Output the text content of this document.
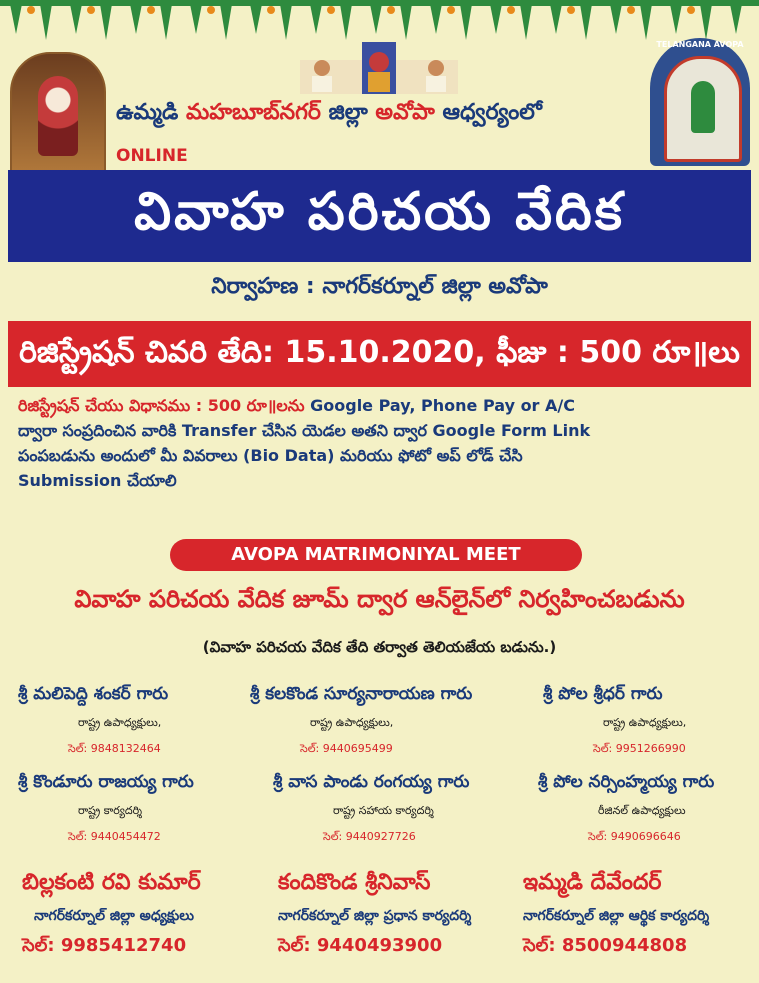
TELANGANA AVOPA
ఉమ్మడి మహబూబ్‌నగర్ జిల్లా అవోపా ఆధ్వర్యంలో
ONLINE
వివాహ పరిచయ వేదిక
నిర్వాహణ : నాగర్‌కర్నూల్ జిల్లా అవోపా
రిజిస్ట్రేషన్ చివరి తేది: 15.10.2020, ఫీజు : 500 రూ॥లు
రిజిస్ట్రేషన్ చేయు విధానము : 500 రూ॥లను Google Pay, Phone Pay or A/C
ద్వారా సంప్రదించిన వారికి Transfer చేసిన యెడల అతని ద్వార Google Form Link
పంపబడును అందులో మీ వివరాలు (Bio Data) మరియు ఫోటో అప్ లోడ్ చేసి
Submission చేయాలి
AVOPA MATRIMONIYAL MEET
వివాహ పరిచయ వేదిక జూమ్ ద్వార ఆన్‌లైన్‌లో నిర్వహించబడును
(వివాహ పరిచయ వేదిక తేది తర్వాత తెలియజేయ బడును.)
శ్రీ మలిపెద్ది శంకర్ గారు
రాష్ట్ర ఉపాధ్యక్షులు,
సెల్: 9848132464
శ్రీ కలకొండ సూర్యనారాయణ గారు
రాష్ట్ర ఉపాధ్యక్షులు,
సెల్: 9440695499
శ్రీ పోల శ్రీధర్ గారు
రాష్ట్ర ఉపాధ్యక్షులు,
సెల్: 9951266990
శ్రీ కొండూరు రాజయ్య గారు
రాష్ట్ర కార్యదర్శి
సెల్: 9440454472
శ్రీ వాస పాండు రంగయ్య గారు
రాష్ట్ర సహాయ కార్యదర్శి
సెల్: 9440927726
శ్రీ పోల నర్సింహ్మయ్య గారు
రీజినల్ ఉపాధ్యక్షులు
సెల్: 9490696646
బిల్లకంటి రవి కుమార్
నాగర్‌కర్నూల్ జిల్లా అధ్యక్షులు
సెల్: 9985412740
కందికొండ శ్రీనివాస్
నాగర్‌కర్నూల్ జిల్లా ప్రధాన కార్యదర్శి
సెల్: 9440493900
ఇమ్మడి దేవేందర్
నాగర్‌కర్నూల్ జిల్లా ఆర్థిక కార్యదర్శి
సెల్: 8500944808
